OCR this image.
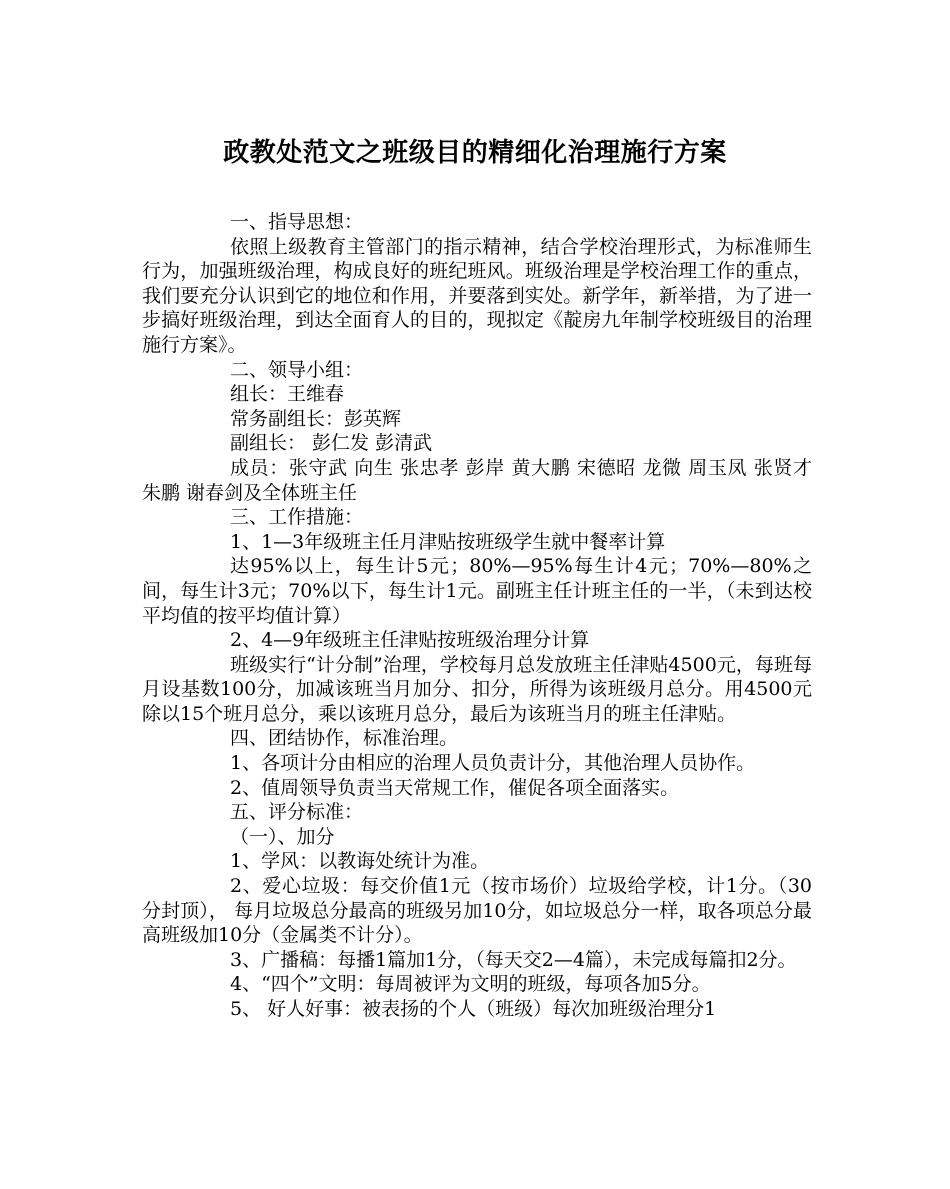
政教处范文之班级目的精细化治理施行方案

一、指导思想：

依照上级教育主管部门的指示精神，结合学校治理形式，为标准师生行为，加强班级治理，构成良好的班纪班风。班级治理是学校治理工作的重点，我们要充分认识到它的地位和作用，并要落到实处。新学年，新举措，为了进一步搞好班级治理，到达全面育人的目的，现拟定《靛房九年制学校班级目的治理施行方案》。

二、领导小组：

组长：王维春

常务副组长：彭英辉

副组长： 彭仁发 彭清武

成员：张守武 向生 张忠孝 彭岸 黄大鹏 宋德昭 龙微 周玉凤 张贤才 朱鹏 谢春剑及全体班主任

三、工作措施：

1、1—3年级班主任月津贴按班级学生就中餐率计算

达95%以上，每生计5元；80%—95%每生计4元；70%—80%之间，每生计3元；70%以下，每生计1元。副班主任计班主任的一半，（未到达校平均值的按平均值计算）

2、4—9年级班主任津贴按班级治理分计算

班级实行“计分制”治理，学校每月总发放班主任津贴4500元，每班每月设基数100分，加减该班当月加分、扣分，所得为该班级月总分。用4500元除以15个班月总分，乘以该班月总分，最后为该班当月的班主任津贴。

四、团结协作，标准治理。

1、各项计分由相应的治理人员负责计分，其他治理人员协作。

2、值周领导负责当天常规工作，催促各项全面落实。

五、评分标准：

（一）、加分

1、学风：以教诲处统计为准。

2、爱心垃圾：每交价值1元（按市场价）垃圾给学校，计1分。（30分封顶）， 每月垃圾总分最高的班级另加10分，如垃圾总分一样，取各项总分最高班级加10分（金属类不计分）。

3、广播稿：每播1篇加1分，（每天交2—4篇），未完成每篇扣2分。

4、“四个”文明：每周被评为文明的班级，每项各加5分。

5、 好人好事：被表扬的个人（班级）每次加班级治理分1
